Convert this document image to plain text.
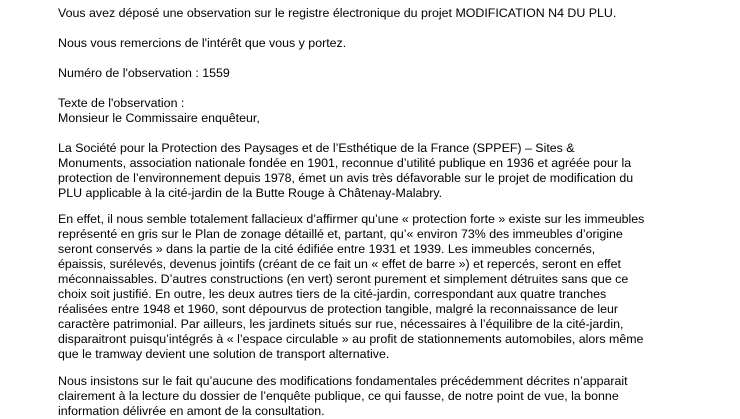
Vous avez déposé une observation sur le registre électronique du projet MODIFICATION N4 DU PLU.
Nous vous remercions de l'intérêt que vous y portez.
Numéro de l'observation : 1559
Texte de l'observation :
Monsieur le Commissaire enquêteur,
La Société pour la Protection des Paysages et de l’Esthétique de la France (SPPEF) – Sites &
Monuments, association nationale fondée en 1901, reconnue d’utilité publique en 1936 et agréée pour la
protection de l’environnement depuis 1978, émet un avis très défavorable sur le projet de modification du
PLU applicable à la cité-jardin de la Butte Rouge à Châtenay-Malabry.
En effet, il nous semble totalement fallacieux d’affirmer qu’une « protection forte » existe sur les immeubles
représenté en gris sur le Plan de zonage détaillé et, partant, qu’« environ 73% des immeubles d’origine
seront conservés » dans la partie de la cité édifiée entre 1931 et 1939. Les immeubles concernés,
épaissis, surélevés, devenus jointifs (créant de ce fait un « effet de barre ») et repercés, seront en effet
méconnaissables. D’autres constructions (en vert) seront purement et simplement détruites sans que ce
choix soit justifié. En outre, les deux autres tiers de la cité-jardin, correspondant aux quatre tranches
réalisées entre 1948 et 1960, sont dépourvus de protection tangible, malgré la reconnaissance de leur
caractère patrimonial. Par ailleurs, les jardinets situés sur rue, nécessaires à l’équilibre de la cité-jardin,
disparaitront puisqu’intégrés à « l’espace circulable » au profit de stationnements automobiles, alors même
que le tramway devient une solution de transport alternative.
Nous insistons sur le fait qu’aucune des modifications fondamentales précédemment décrites n’apparait
clairement à la lecture du dossier de l’enquête publique, ce qui fausse, de notre point de vue, la bonne
information délivrée en amont de la consultation.
